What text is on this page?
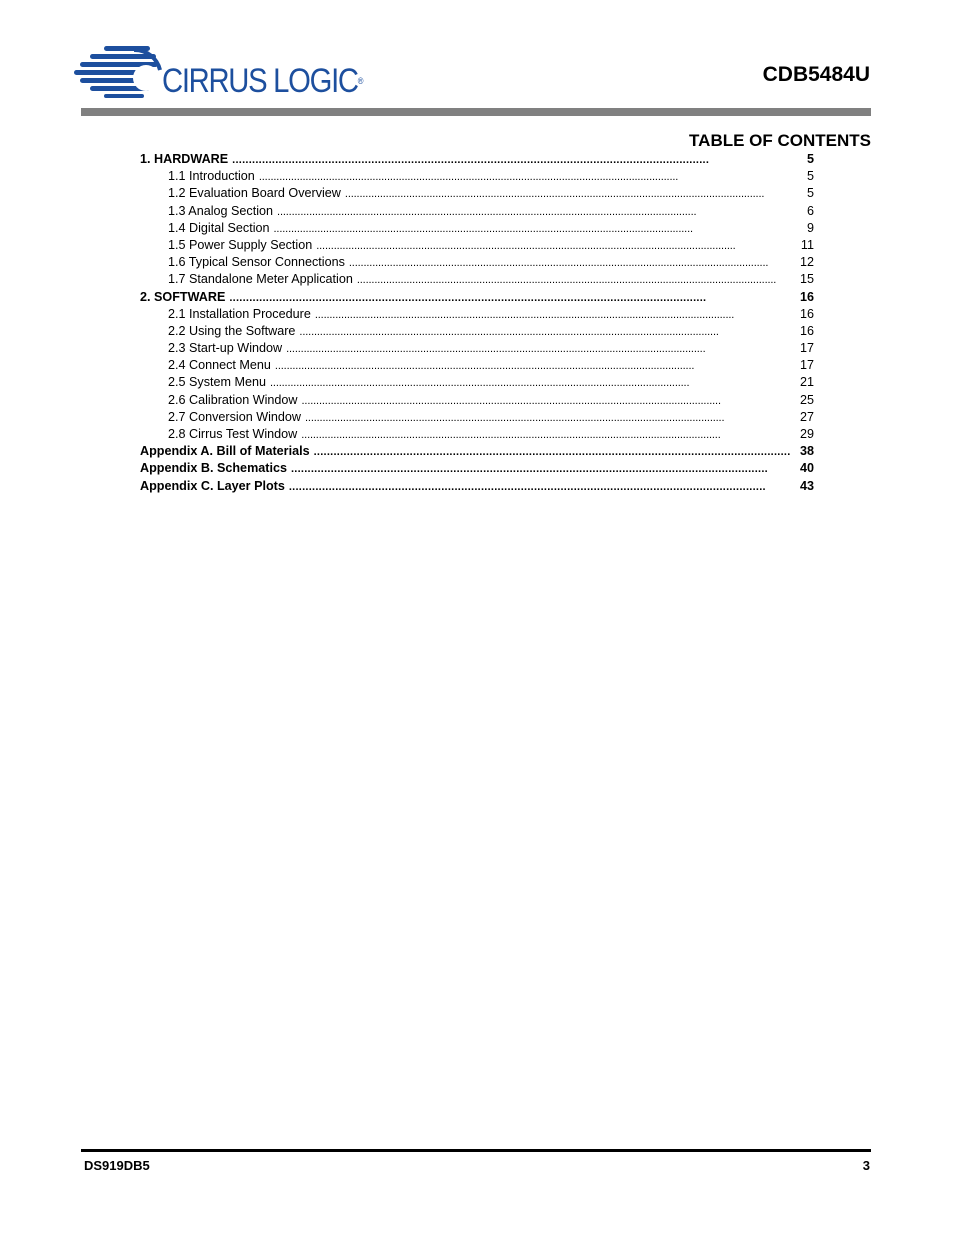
CIRRUS LOGIC®	CDB5484U
TABLE OF CONTENTS
1. HARDWARE . . .	5
1.1 Introduction . . .	5
1.2 Evaluation Board Overview . . .	5
1.3 Analog Section . . .	6
1.4 Digital Section . . .	9
1.5 Power Supply Section . . .	11
1.6 Typical Sensor Connections . . .	12
1.7 Standalone Meter Application . . .	15
2. SOFTWARE . . .	16
2.1 Installation Procedure . . .	16
2.2 Using the Software . . .	16
2.3 Start-up Window . . .	17
2.4 Connect Menu . . .	17
2.5 System Menu . . .	21
2.6 Calibration Window . . .	25
2.7 Conversion Window . . .	27
2.8 Cirrus Test Window . . .	29
Appendix A. Bill of Materials . . .	38
Appendix B. Schematics . . .	40
Appendix C. Layer Plots . . .	43
DS919DB5	3
